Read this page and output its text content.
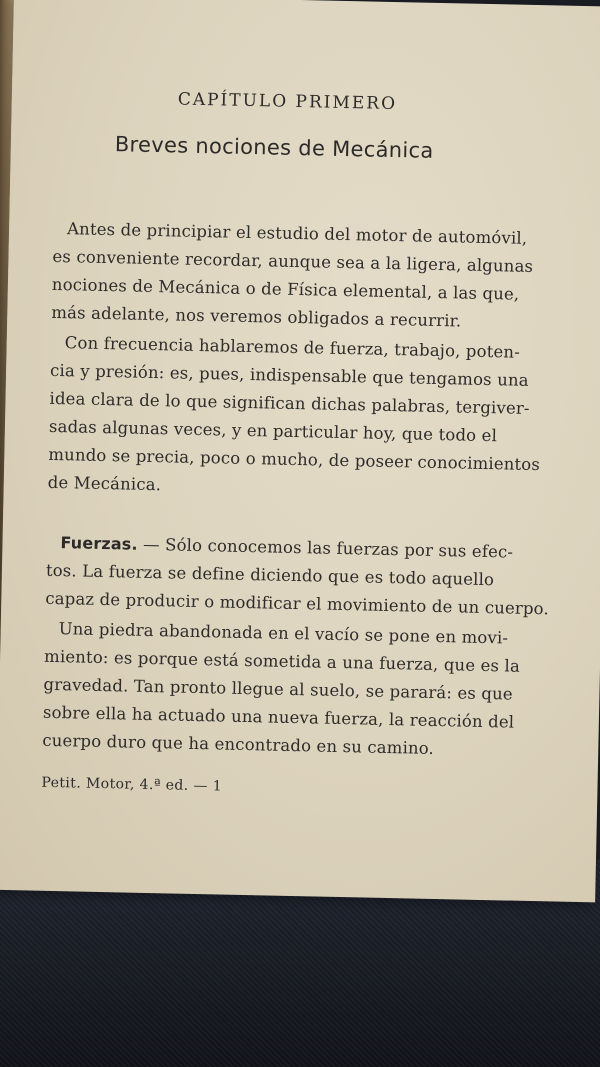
CAPÍTULO PRIMERO
Breves nociones de Mecánica
Antes de principiar el estudio del motor de automóvil,
es conveniente recordar, aunque sea a la ligera, algunas
nociones de Mecánica o de Física elemental, a las que,
más adelante, nos veremos obligados a recurrir.
Con frecuencia hablaremos de fuerza, trabajo, poten-
cia y presión: es, pues, indispensable que tengamos una
idea clara de lo que significan dichas palabras, tergiver-
sadas algunas veces, y en particular hoy, que todo el
mundo se precia, poco o mucho, de poseer conocimientos
de Mecánica.
Fuerzas. — Sólo conocemos las fuerzas por sus efec-
tos. La fuerza se define diciendo que es todo aquello
capaz de producir o modificar el movimiento de un cuerpo.
Una piedra abandonada en el vacío se pone en movi-
miento: es porque está sometida a una fuerza, que es la
gravedad. Tan pronto llegue al suelo, se parará: es que
sobre ella ha actuado una nueva fuerza, la reacción del
cuerpo duro que ha encontrado en su camino.
Petit. Motor, 4.ª ed. — 1
